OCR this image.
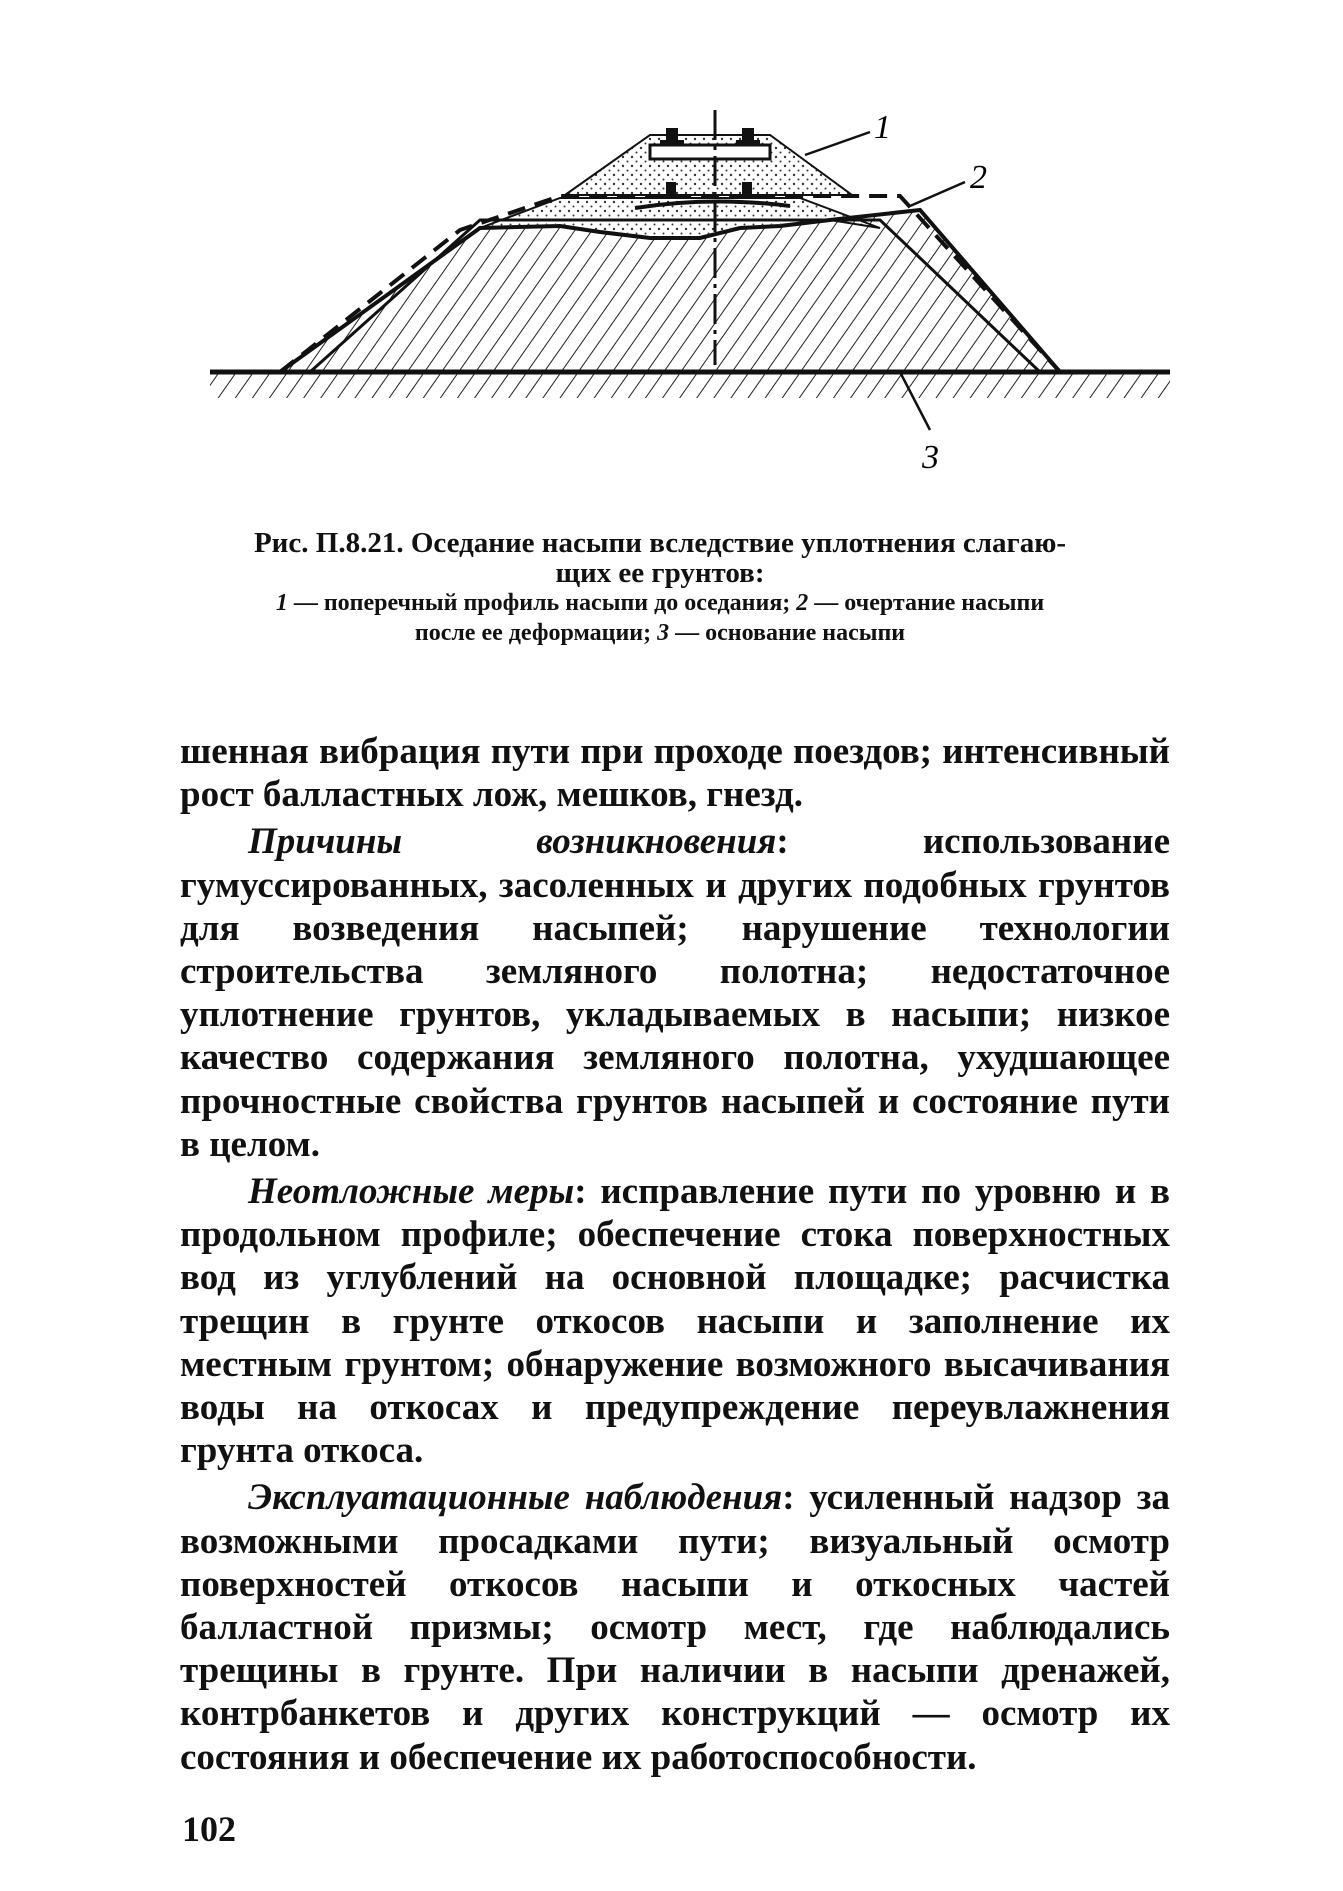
1
2
3
Рис. П.8.21. Оседание насыпи вследствие уплотнения слагаю-
щих ее грунтов:
1 — поперечный профиль насыпи до оседания; 2 — очертание насыпи
после ее деформации; 3 — основание насыпи

шенная вибрация пути при проходе поездов; интенсивный рост балластных лож, мешков, гнезд.

Причины возникновения: использование гумуссированных, засоленных и других подобных грунтов для возведения насыпей; нарушение технологии строительства земляного полотна; недостаточное уплотнение грунтов, укладываемых в насыпи; низкое качество содержания земляного полотна, ухудшающее прочностные свойства грунтов насыпей и состояние пути в целом.

Неотложные меры: исправление пути по уровню и в продольном профиле; обеспечение стока поверхностных вод из углублений на основной площадке; расчистка трещин в грунте откосов насыпи и заполнение их местным грунтом; обнаружение возможного высачивания воды на откосах и предупреждение переувлажнения грунта откоса.

Эксплуатационные наблюдения: усиленный надзор за возможными просадками пути; визуальный осмотр поверхностей откосов насыпи и откосных частей балластной призмы; осмотр мест, где наблюдались трещины в грунте. При наличии в насыпи дренажей, контрбанкетов и других конструкций — осмотр их состояния и обеспечение их работоспособности.

102
